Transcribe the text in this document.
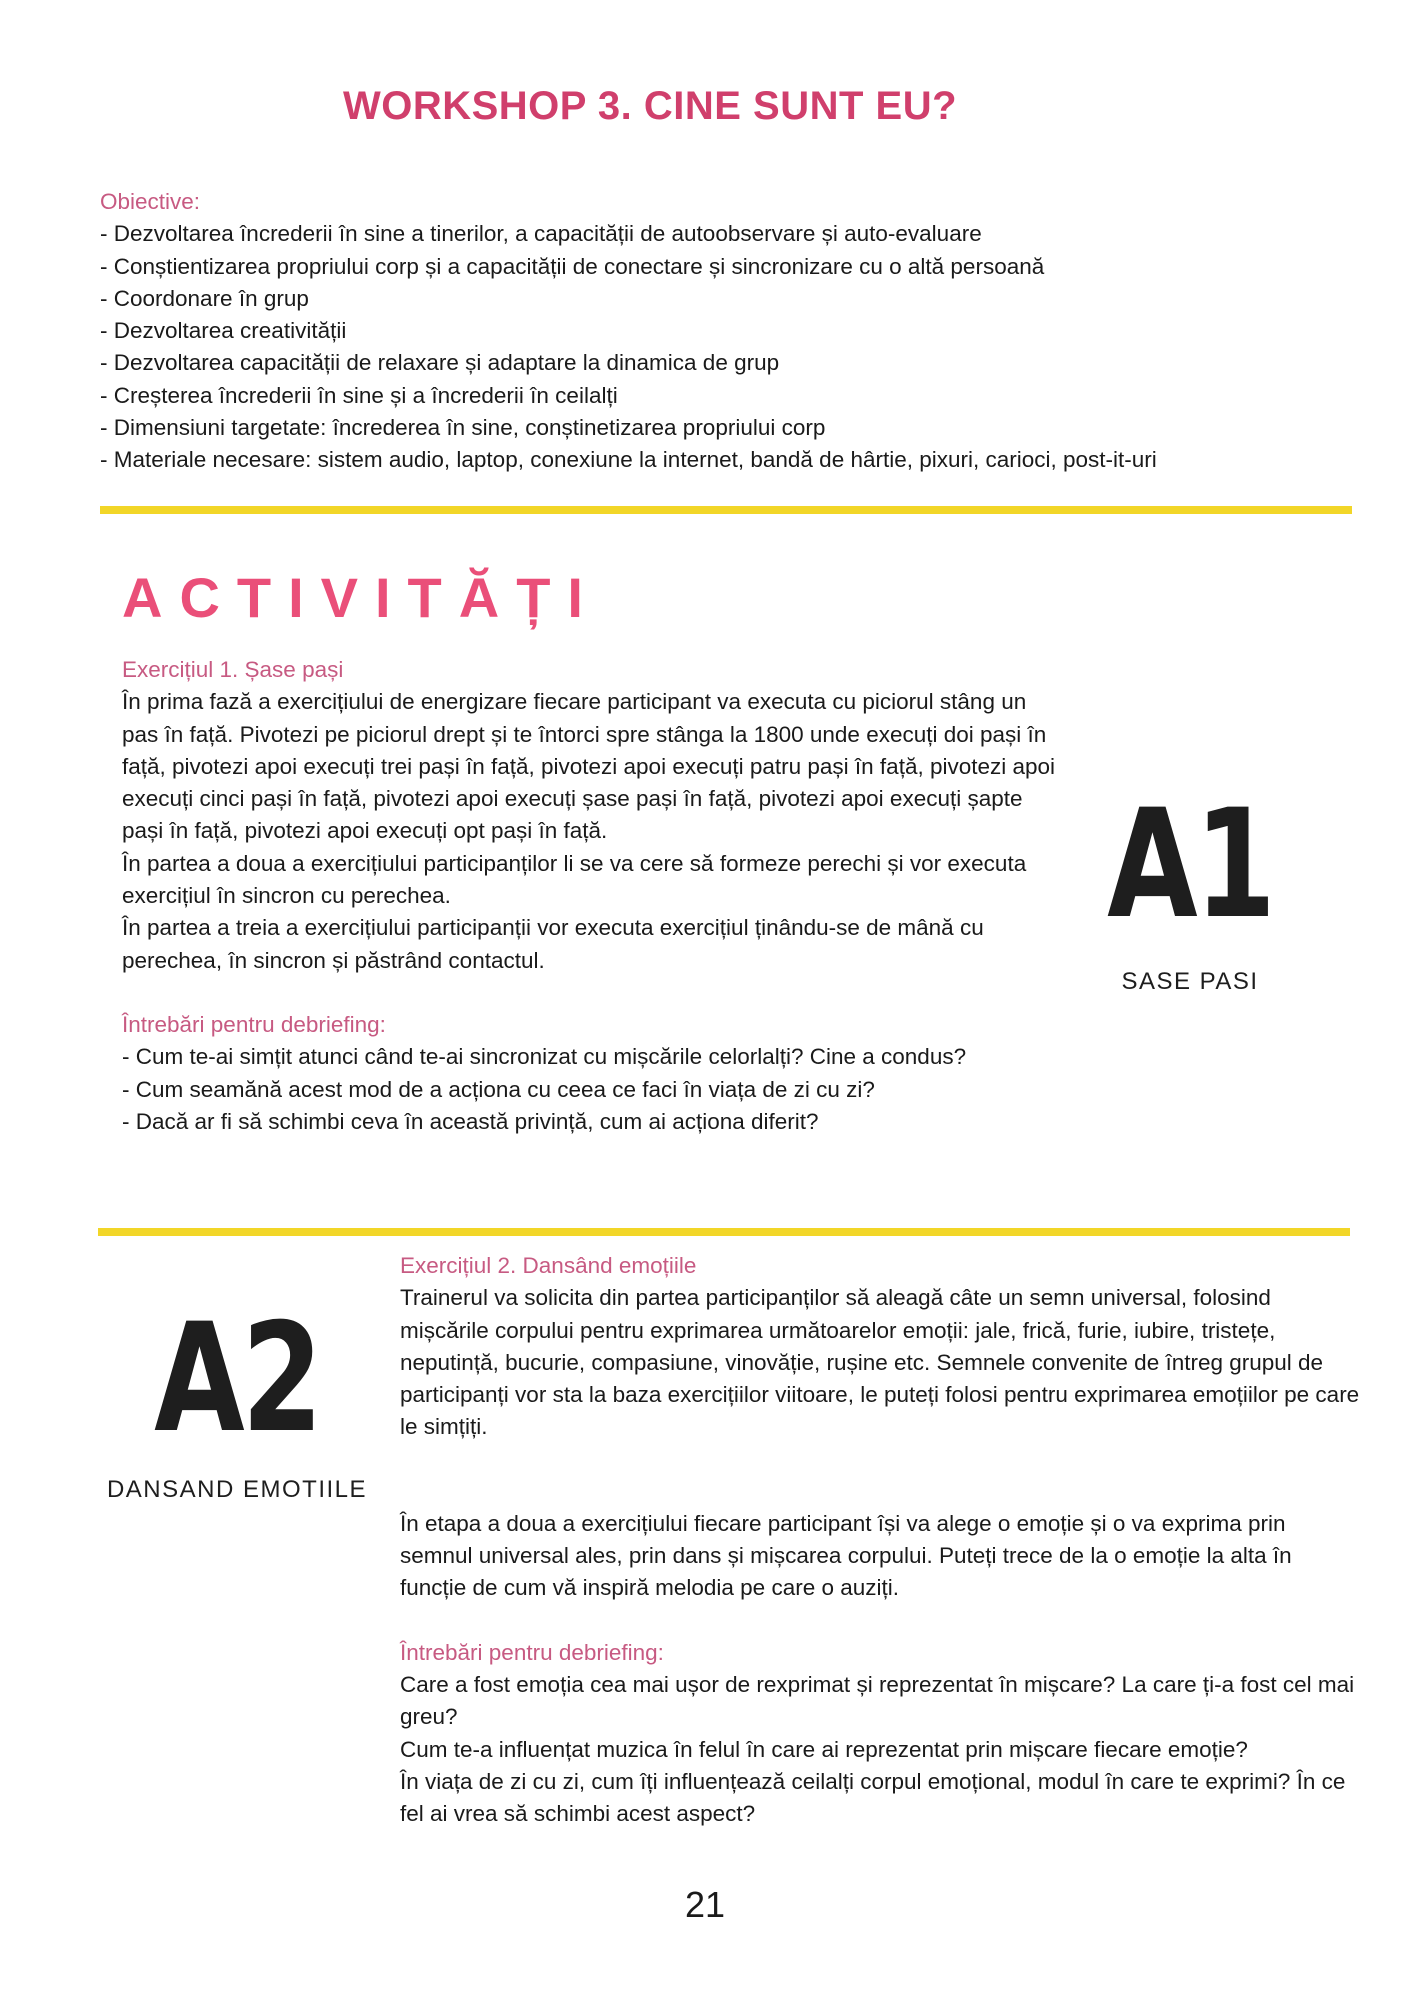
WORKSHOP 3. CINE SUNT EU?
Obiective:
- Dezvoltarea încrederii în sine a tinerilor, a capacității de autoobservare și auto-evaluare
- Conștientizarea propriului corp și a capacității de conectare și sincronizare cu o altă persoană
- Coordonare în grup
- Dezvoltarea creativității
- Dezvoltarea capacității de relaxare și adaptare la dinamica de grup
- Creșterea încrederii în sine și a încrederii în ceilalți
- Dimensiuni targetate: încrederea în sine, conștinetizarea propriului corp
- Materiale necesare: sistem audio, laptop, conexiune la internet, bandă de hârtie, pixuri, carioci, post-it-uri
ACTIVITĂȚI
Exercițiul 1. Șase pași

În prima fază a exercițiului de energizare fiecare participant va executa cu piciorul stâng un pas în față. Pivotezi pe piciorul drept și te întorci spre stânga la 1800 unde execuți doi pași în față, pivotezi apoi execuți trei pași în față, pivotezi apoi execuți patru pași în față, pivotezi apoi execuți cinci pași în față, pivotezi apoi execuți șase pași în față, pivotezi apoi execuți șapte pași în față, pivotezi apoi execuți opt pași în față.

În partea a doua a exercițiului participanților li se va cere să formeze perechi și vor executa exercițiul în sincron cu perechea.

În partea a treia a exercițiului participanții vor executa exercițiul ținându-se de mână cu perechea, în sincron și păstrând contactul.

Întrebări pentru debriefing:

- Cum te-ai simțit atunci când te-ai sincronizat cu mișcările celorlalți? Cine a condus?

- Cum seamănă acest mod de a acționa cu ceea ce faci în viața de zi cu zi?

- Dacă ar fi să schimbi ceva în această privință, cum ai acționa diferit?

A1
SASE PASI
A2
DANSAND EMOTIILE
Exercițiul 2. Dansând emoțiile

Trainerul va solicita din partea participanților să aleagă câte un semn universal, folosind mișcările corpului pentru exprimarea următoarelor emoții: jale, frică, furie, iubire, tristețe, neputință, bucurie, compasiune, vinovăție, rușine etc. Semnele convenite de întreg grupul de participanți vor sta la baza exercițiilor viitoare, le puteți folosi pentru exprimarea emoțiilor pe care le simțiți.

În etapa a doua a exercițiului fiecare participant își va alege o emoție și o va exprima prin semnul universal ales, prin dans și mișcarea corpului. Puteți trece de la o emoție la alta în funcție de cum vă inspiră melodia pe care o auziți.

Întrebări pentru debriefing:

Care a fost emoția cea mai ușor de rexprimat și reprezentat în mișcare? La care ți-a fost cel mai greu?

Cum te-a influențat muzica în felul în care ai reprezentat prin mișcare fiecare emoție?

În viața de zi cu zi, cum îți influențează ceilalți corpul emoțional, modul în care te exprimi? În ce fel ai vrea să schimbi acest aspect?

21
